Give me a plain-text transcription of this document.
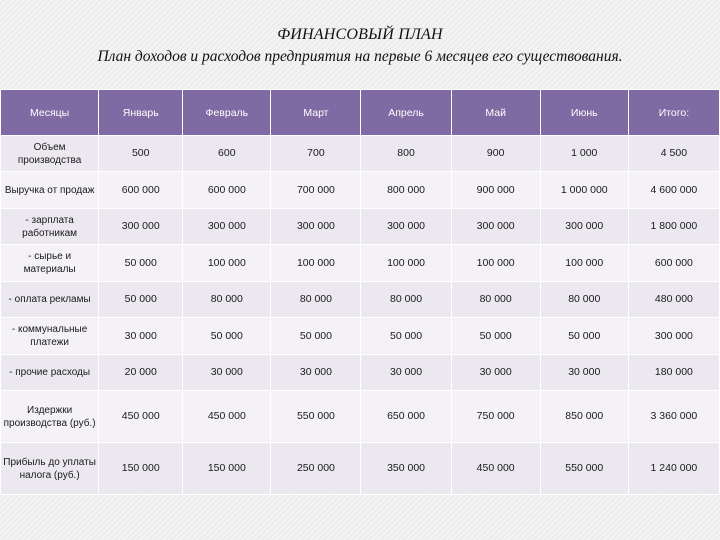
ФИНАНСОВЫЙ ПЛАН
План доходов и расходов предприятия на первые 6 месяцев его существования.
Месяцы	Январь	Февраль	Март	Апрель	Май	Июнь	Итого:
Объем производства	500	600	700	800	900	1 000	4 500
Выручка от продаж	600 000	600 000	700 000	800 000	900 000	1 000 000	4 600 000
- зарплата работникам	300 000	300 000	300 000	300 000	300 000	300 000	1 800 000
- сырье и материалы	50 000	100 000	100 000	100 000	100 000	100 000	600 000
- оплата рекламы	50 000	80 000	80 000	80 000	80 000	80 000	480 000
- коммунальные платежи	30 000	50 000	50 000	50 000	50 000	50 000	300 000
- прочие расходы	20 000	30 000	30 000	30 000	30 000	30 000	180 000
Издержки производства (руб.)	450 000	450 000	550 000	650 000	750 000	850 000	3 360 000
Прибыль до уплаты налога (руб.)	150 000	150 000	250 000	350 000	450 000	550 000	1 240 000
